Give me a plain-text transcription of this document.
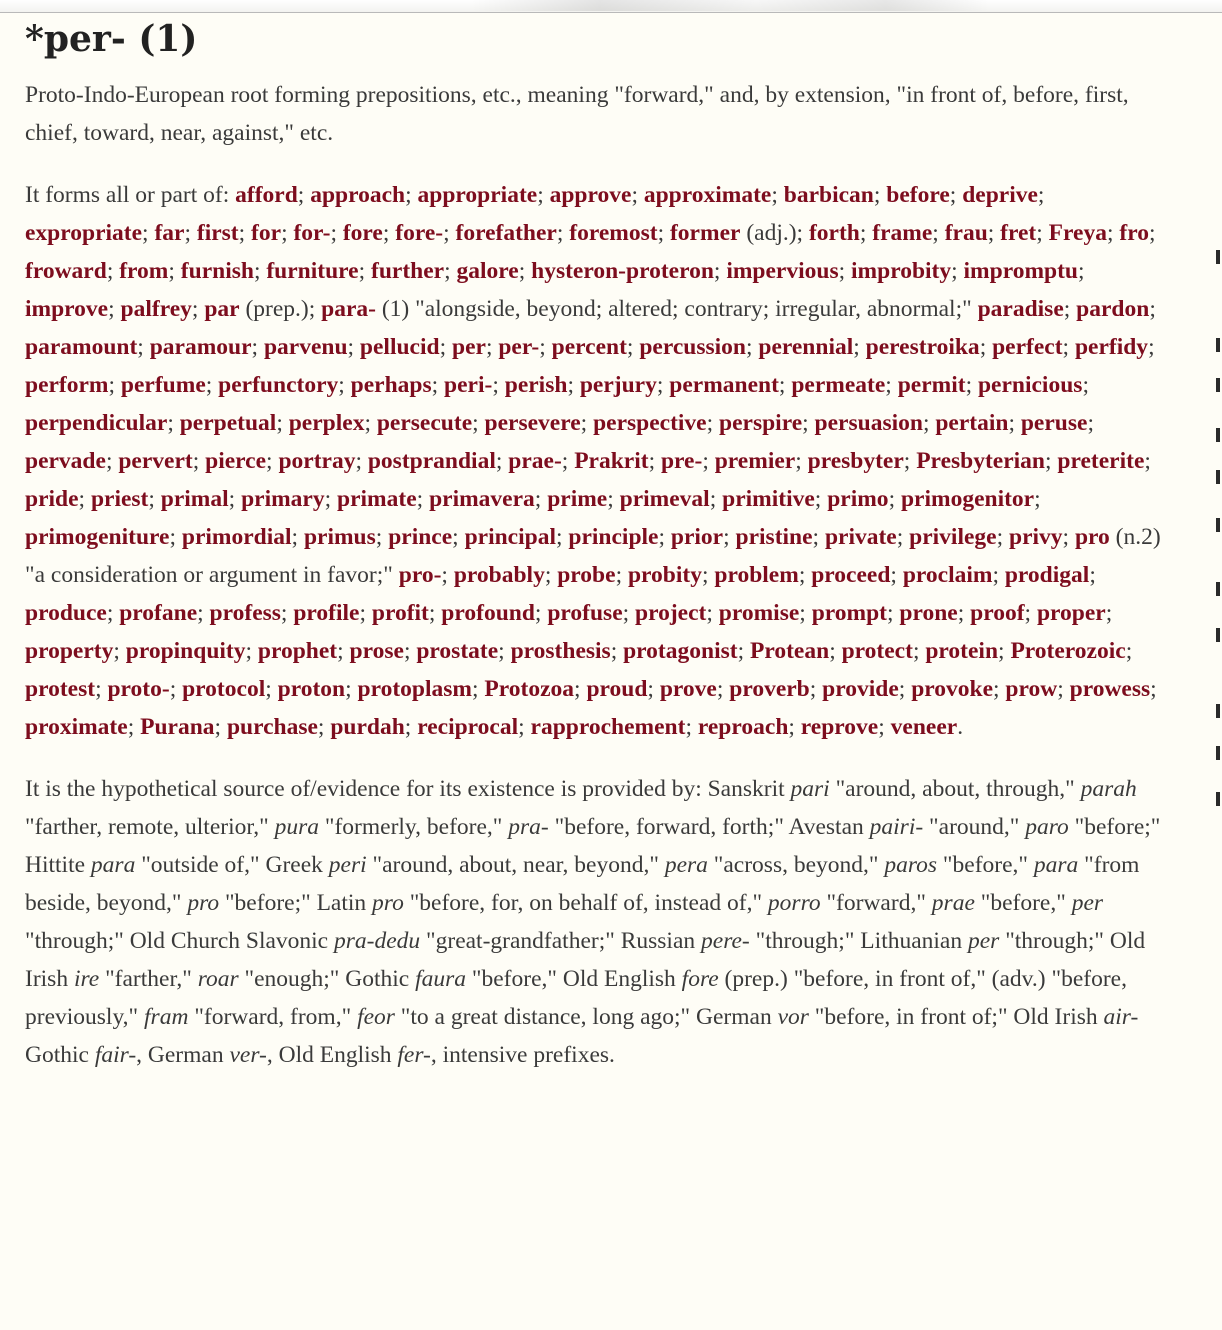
*per- (1)

Proto-Indo-European root forming prepositions, etc., meaning "forward," and, by extension, "in front of, before, first, chief, toward, near, against," etc.

It forms all or part of: afford; approach; appropriate; approve; approximate; barbican; before; deprive; expropriate; far; first; for; for-; fore; fore-; forefather; foremost; former (adj.); forth; frame; frau; fret; Freya; fro; froward; from; furnish; furniture; further; galore; hysteron-proteron; impervious; improbity; impromptu; improve; palfrey; par (prep.); para- (1) "alongside, beyond; altered; contrary; irregular, abnormal;" paradise; pardon; paramount; paramour; parvenu; pellucid; per; per-; percent; percussion; perennial; perestroika; perfect; perfidy; perform; perfume; perfunctory; perhaps; peri-; perish; perjury; permanent; permeate; permit; pernicious; perpendicular; perpetual; perplex; persecute; persevere; perspective; perspire; persuasion; pertain; peruse; pervade; pervert; pierce; portray; postprandial; prae-; Prakrit; pre-; premier; presbyter; Presbyterian; preterite; pride; priest; primal; primary; primate; primavera; prime; primeval; primitive; primo; primogenitor; primogeniture; primordial; primus; prince; principal; principle; prior; pristine; private; privilege; privy; pro (n.2) "a consideration or argument in favor;" pro-; probably; probe; probity; problem; proceed; proclaim; prodigal; produce; profane; profess; profile; profit; profound; profuse; project; promise; prompt; prone; proof; proper; property; propinquity; prophet; prose; prostate; prosthesis; protagonist; Protean; protect; protein; Proterozoic; protest; proto-; protocol; proton; protoplasm; Protozoa; proud; prove; proverb; provide; provoke; prow; prowess; proximate; Purana; purchase; purdah; reciprocal; rapprochement; reproach; reprove; veneer.

It is the hypothetical source of/evidence for its existence is provided by: Sanskrit pari "around, about, through," parah "farther, remote, ulterior," pura "formerly, before," pra- "before, forward, forth;" Avestan pairi- "around," paro "before;" Hittite para "outside of," Greek peri "around, about, near, beyond," pera "across, beyond," paros "before," para "from beside, beyond," pro "before;" Latin pro "before, for, on behalf of, instead of," porro "forward," prae "before," per "through;" Old Church Slavonic pra-dedu "great-grandfather;" Russian pere- "through;" Lithuanian per "through;" Old Irish ire "farther," roar "enough;" Gothic faura "before," Old English fore (prep.) "before, in front of," (adv.) "before, previously," fram "forward, from," feor "to a great distance, long ago;" German vor "before, in front of;" Old Irish air- Gothic fair-, German ver-, Old English fer-, intensive prefixes.
